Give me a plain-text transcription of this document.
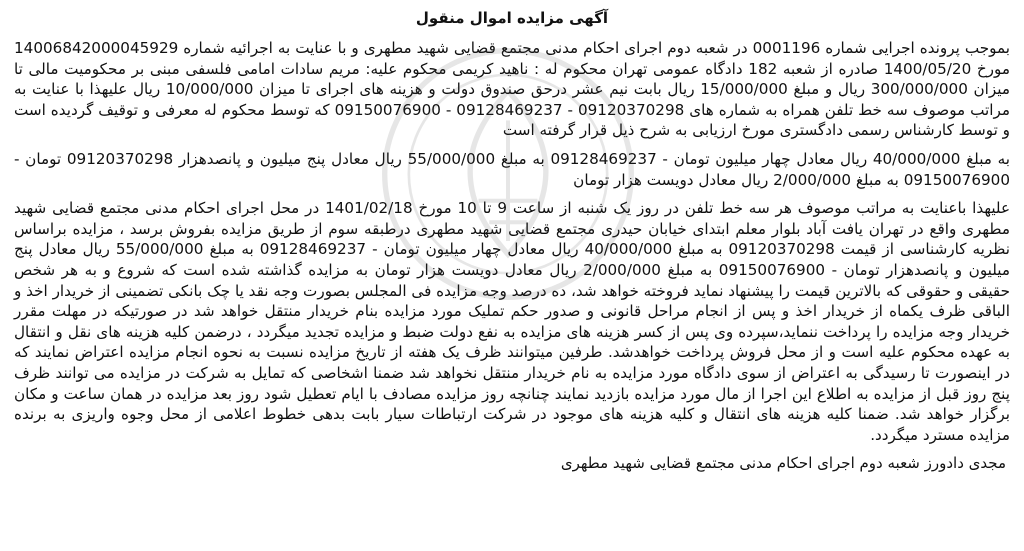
آگهی مزایده اموال منقول

بموجب پرونده اجرایی شماره 0001196 در شعبه دوم اجرای احکام مدنی مجتمع قضایی شهید مطهری و با عنایت به اجرائیه شماره 14006842000045929 مورخ 1400/05/20 صادره از شعبه 182 دادگاه عمومی تهران محکوم له : ناهید کریمی محکوم علیه: مریم سادات امامی فلسفی مبنی بر محکومیت مالی تا میزان 300/000/000 ریال و مبلغ 15/000/000 ریال بابت نیم عشر درحق صندوق دولت و هزینه های اجرای تا میزان 10/000/000 ریال علیهذا با عنایت به مراتب موصوف سه خط تلفن همراه به شماره های 09120370298 - 09128469237 - 09150076900 که توسط محکوم له معرفی و توقیف گردیده است و توسط کارشناس رسمی دادگستری مورخ ارزیابی به شرح ذیل قرار گرفته است

به مبلغ 40/000/000 ریال معادل چهار میلیون تومان - 09128469237 به مبلغ 55/000/000 ریال معادل پنج میلیون و پانصدهزار 09120370298 تومان - 09150076900 به مبلغ 2/000/000 ریال معادل دویست هزار تومان

علیهذا باعنایت به مراتب موصوف هر سه خط تلفن در روز یک شنبه از ساعت 9 تا 10 مورخ 1401/02/18 در محل اجرای احکام مدنی مجتمع قضایی شهید مطهری واقع در تهران یافت آباد بلوار معلم ابتدای خیابان حیدری مجتمع قضایی شهید مطهری درطبقه سوم از طریق مزایده بفروش برسد ، مزایده براساس نظریه کارشناسی از قیمت 09120370298 به مبلغ 40/000/000 ریال معادل چهار میلیون تومان - 09128469237 به مبلغ 55/000/000 ریال معادل پنج میلیون و پانصدهزار تومان - 09150076900 به مبلغ 2/000/000 ریال معادل دویست هزار تومان به مزایده گذاشته شده است که شروع و به هر شخص حقیقی و حقوقی که بالاترین قیمت را پیشنهاد نماید فروخته خواهد شد، ده درصد وجه مزایده فی المجلس بصورت وجه نقد یا چک بانکی تضمینی از خریدار اخذ و الباقی ظرف یکماه از خریدار اخذ و پس از انجام مراحل قانونی و صدور حکم تملیک مورد مزایده بنام خریدار منتقل خواهد شد در صورتیکه در مهلت مقرر خریدار وجه مزایده را پرداخت ننماید،سپرده وی پس از کسر هزینه های مزایده به نفع دولت ضبط و مزایده تجدید میگردد ، درضمن کلیه هزینه های نقل و انتقال به عهده محکوم علیه است و از محل فروش پرداخت خواهدشد. طرفین میتوانند ظرف یک هفته از تاریخ مزایده نسبت به نحوه انجام مزایده اعتراض نمایند که در اینصورت تا رسیدگی به اعتراض از سوی دادگاه مورد مزایده به نام خریدار منتقل نخواهد شد ضمنا اشخاصی که تمایل به شرکت در مزایده می توانند ظرف پنج روز قبل از مزایده به اطلاع این اجرا از مال مورد مزایده بازدید نمایند چنانچه روز مزایده مصادف با ایام تعطیل شود روز بعد مزایده در همان ساعت و مکان برگزار خواهد شد. ضمنا کلیه هزینه های انتقال و کلیه هزینه های موجود در شرکت ارتباطات سیار بابت بدهی خطوط اعلامی از محل وجوه واریزی به برنده مزایده مسترد میگردد.

مجدی دادورز شعبه دوم اجرای احکام مدنی مجتمع قضایی شهید مطهری
